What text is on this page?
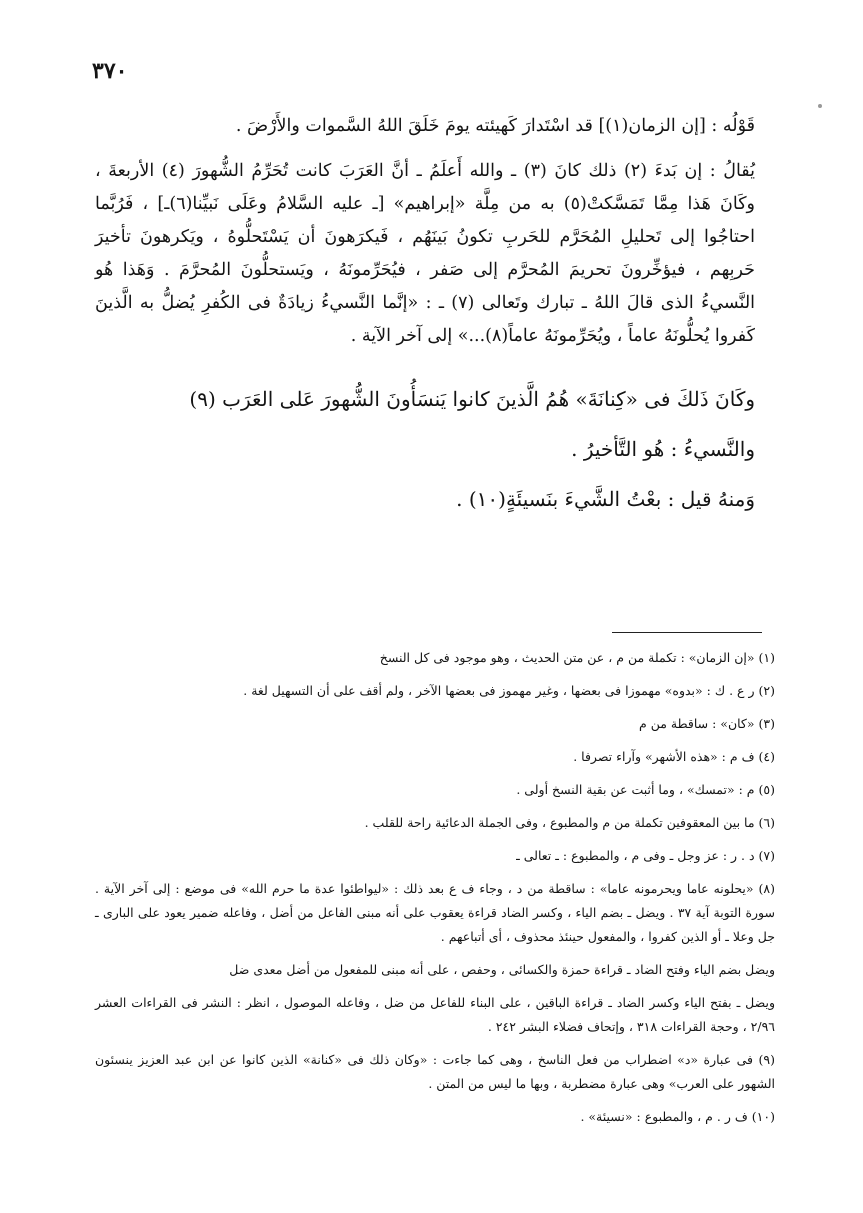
٣٧٠

قَوْلُه : [إن الزمان(١)] قد اسْتَدارَ كَهيئته يومَ خَلَقَ اللهُ السَّموات والأَرْضَ .

يُقالُ : إن بَدءَ (٢) ذلك كانَ (٣) ـ والله أَعلَمُ ـ أنَّ العَرَبَ كانت تُحَرِّمُ الشُّهورَ (٤) الأربعةَ ، وكَانَ هَذا مِمَّا تَمَسَّكتْ(٥) به من مِلَّة «إبراهيم» [ـ عليه السَّلامُ وعَلَى نَبيِّنا(٦)ـ] ، فَرُبَّما احتاجُوا إلى تَحليلِ المُحَرَّم للحَربِ تكونُ بَينَهُم ، فَيكرَهونَ أن يَسْتَحلُّوهُ ، ويَكرهونَ تأخيرَ حَربِهم ، فيؤخِّرونَ تحريمَ المُحرَّم إلى صَفر ، فيُحَرِّمونَهُ ، ويَستحلُّونَ المُحرَّمَ . وَهَذا هُو النَّسيءُ الذى قالَ اللهُ ـ تبارك وتَعالى (٧) ـ : «إنَّما النَّسيءُ زيادَةٌ فى الكُفرِ يُضلُّ به الَّذينَ كَفروا يُحلُّونَهُ عاماً ، ويُحَرِّمونَهُ عاماً(٨)...» إلى آخر الآية .

وكَانَ ذَلكَ فى «كِنانَةَ» هُمُ الَّذينَ كانوا يَنسَأُونَ الشُّهورَ عَلى العَرَب (٩)

والنَّسيءُ : هُو التَّأخيرُ .

وَمنهُ قيل : بعْتُ الشَّيءَ بنَسيئَةٍ(١٠) .

(١) «إن الزمان» : تكملة من م ، عن متن الحديث ، وهو موجود فى كل النسخ

(٢) ر ع . ك : «بدوه» مهموزا فى بعضها ، وغير مهموز فى بعضها الآخر ، ولم أقف على أن التسهيل لغة .

(٣) «كان» : ساقطة من م

(٤) ف م : «هذه الأشهر» وآراء تصرفا .

(٥) م : «تمسك» ، وما أثبت عن بقية النسخ أولى .

(٦) ما بين المعقوفين تكملة من م والمطبوع ، وفى الجملة الدعائية راحة للقلب .

(٧) د . ر : عز وجل ـ وفى م ، والمطبوع : ـ تعالى ـ

(٨) «يحلونه عاما ويحرمونه عاما» : ساقطة من د ، وجاء ف ع بعد ذلك : «ليواطئوا عدة ما حرم الله» فى موضع : إلى آخر الآية . سورة التوبة آية ٣٧ . ويضل ـ بضم الياء ، وكسر الضاد قراءة يعقوب على أنه مبنى الفاعل من أضل ، وفاعله ضمير يعود على البارى ـ جل وعلا ـ أو الذين كفروا ، والمفعول حينئذ محذوف ، أى أتباعهم .

ويضل بضم الياء وفتح الضاد ـ قراءة حمزة والكسائى ، وحفص ، على أنه مبنى للمفعول من أضل معدى ضل

ويضل ـ بفتح الياء وكسر الضاد ـ قراءة الباقين ، على البناء للفاعل من ضل ، وفاعله الموصول ، انظر : النشر فى القراءات العشر ٢/٩٦ ، وحجة القراءات ٣١٨ ، وإتحاف فضلاء البشر ٢٤٢ .

(٩) فى عبارة «د» اضطراب من فعل الناسخ ، وهى كما جاءت : «وكان ذلك فى «كنانة» الذين كانوا عن ابن عبد العزيز ينسئون الشهور على العرب» وهى عبارة مضطربة ، وبها ما ليس من المتن .

(١٠) ف ر . م ، والمطبوع : «نسيئة» .
